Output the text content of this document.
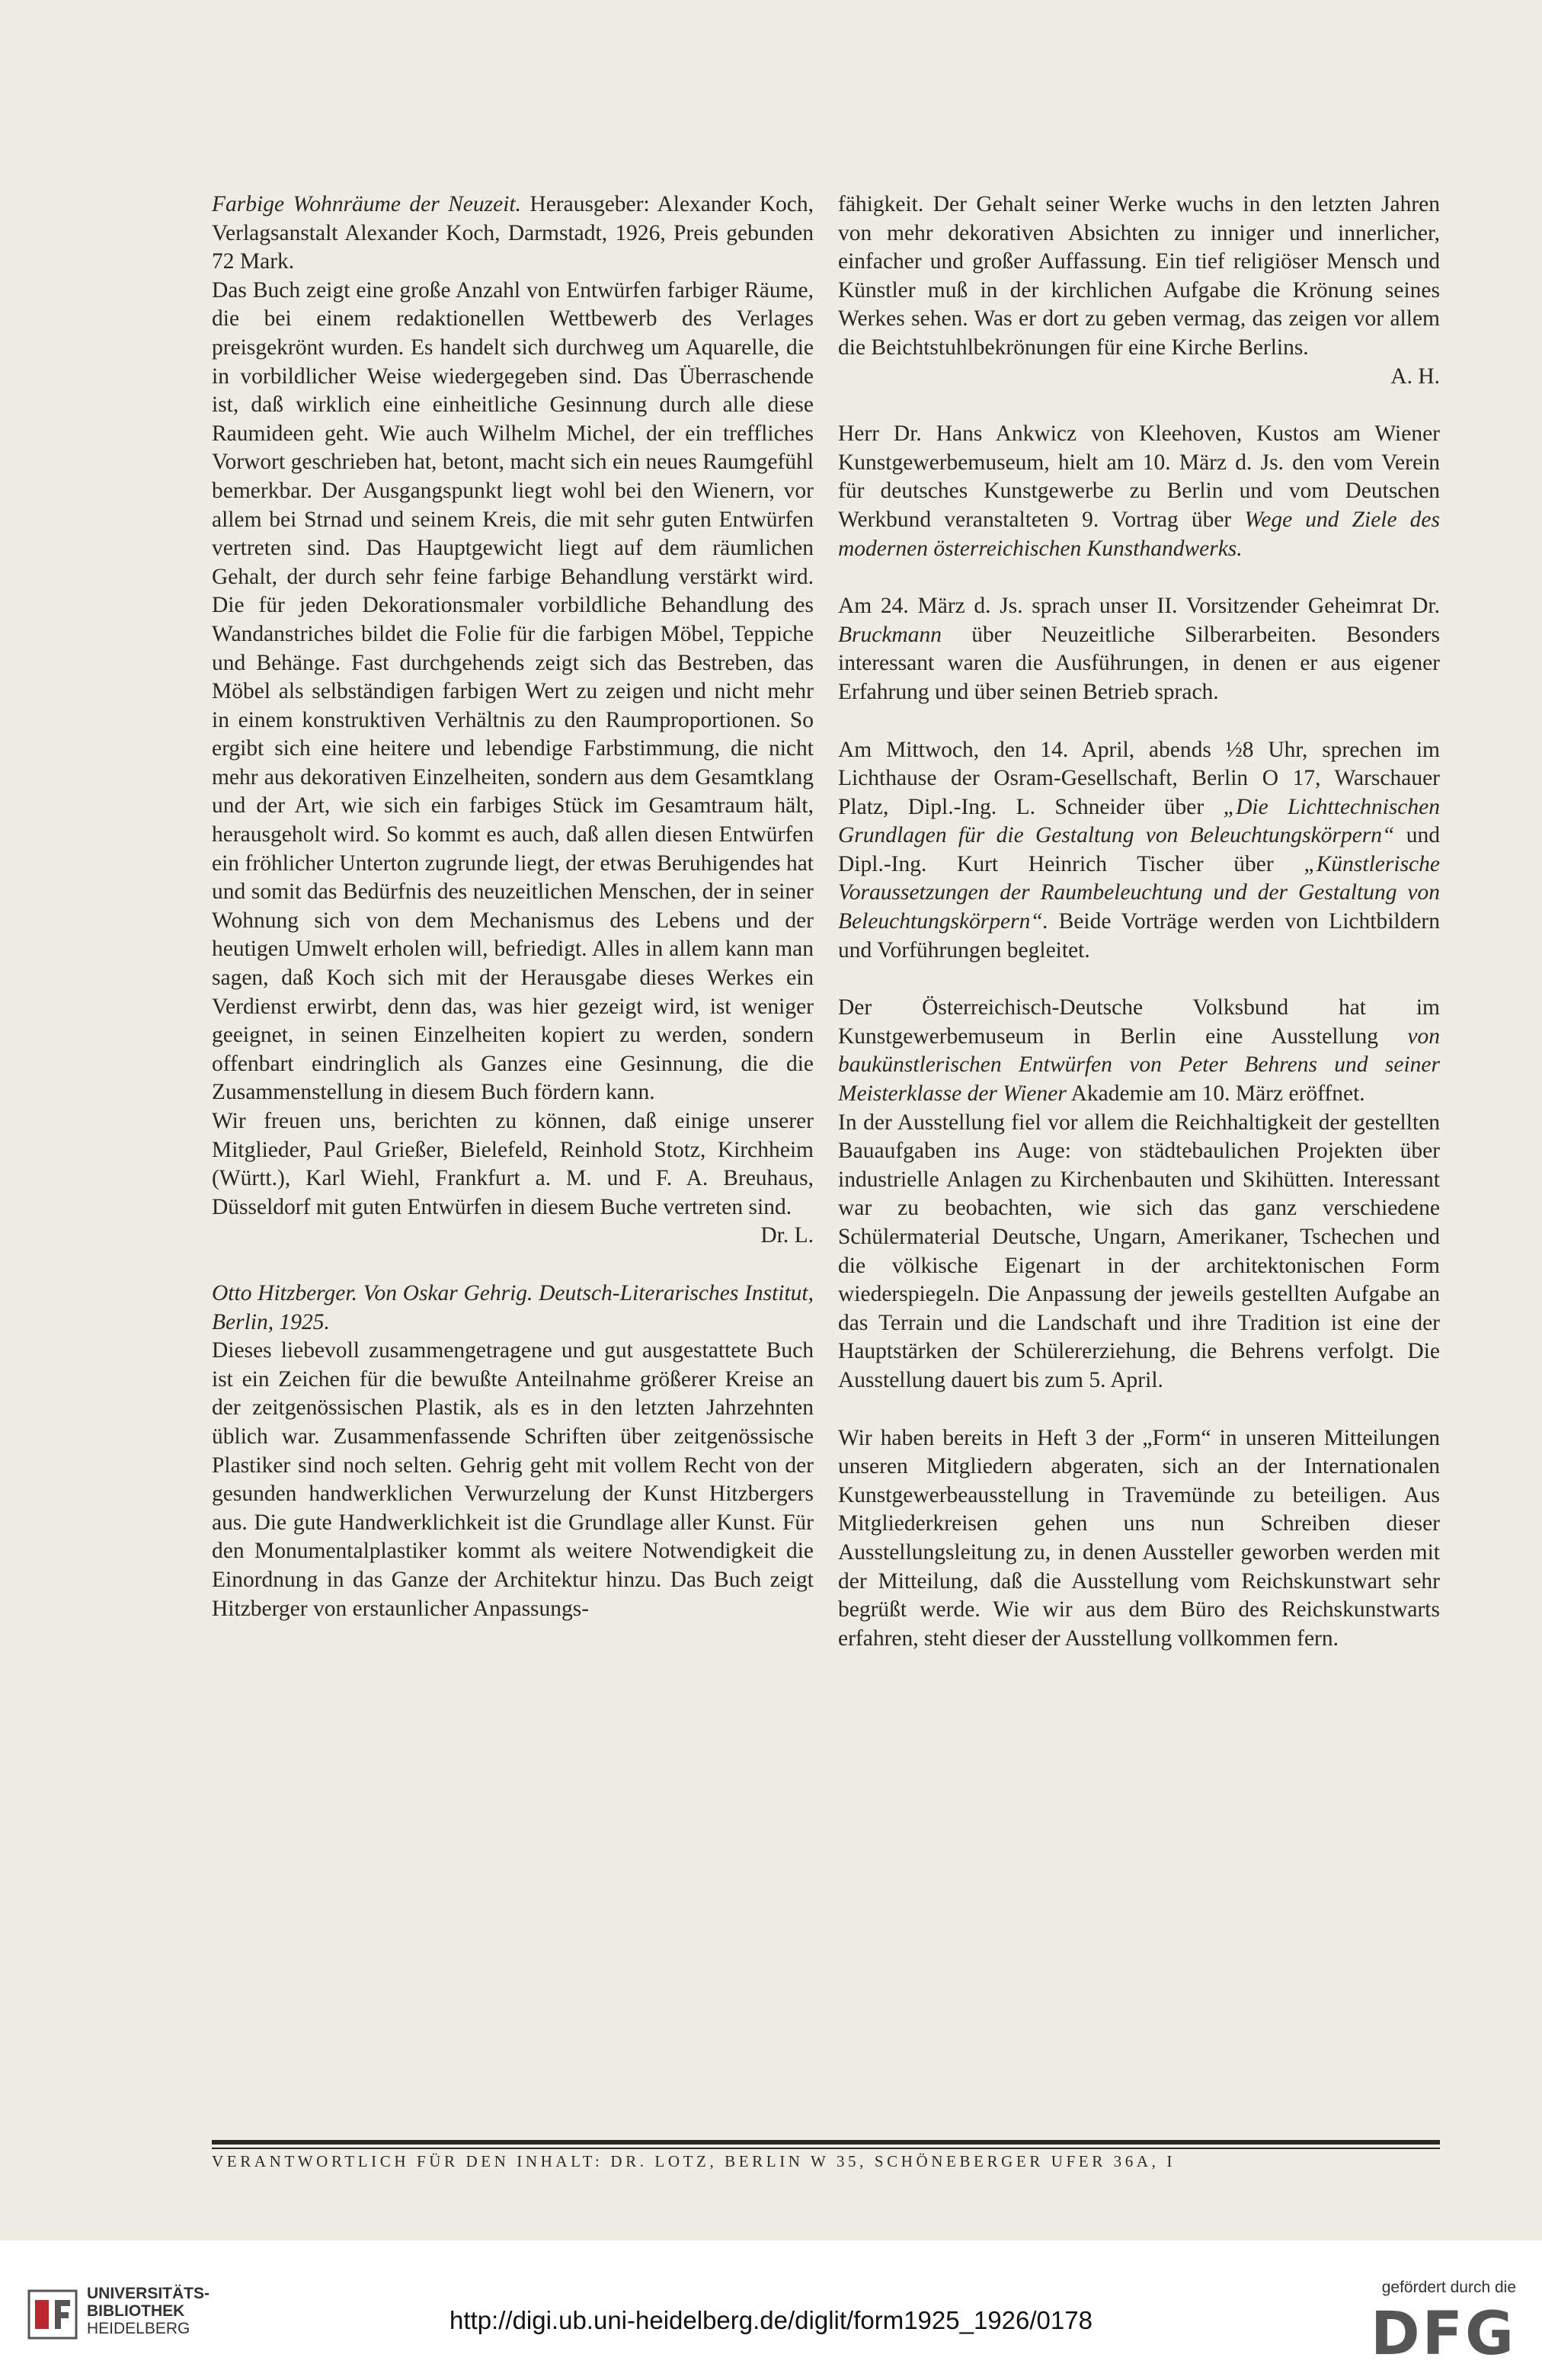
Farbige Wohnräume der Neuzeit. Herausgeber: Alexander Koch, Verlagsanstalt Alexander Koch, Darmstadt, 1926, Preis gebunden 72 Mark.

Das Buch zeigt eine große Anzahl von Entwürfen farbiger Räume, die bei einem redaktionellen Wettbewerb des Verlages preisgekrönt wurden. Es handelt sich durchweg um Aquarelle, die in vorbildlicher Weise wiedergegeben sind. Das Überraschende ist, daß wirklich eine einheitliche Gesinnung durch alle diese Raumideen geht. Wie auch Wilhelm Michel, der ein treffliches Vorwort geschrieben hat, betont, macht sich ein neues Raumgefühl bemerkbar. Der Ausgangspunkt liegt wohl bei den Wienern, vor allem bei Strnad und seinem Kreis, die mit sehr guten Entwürfen vertreten sind. Das Hauptgewicht liegt auf dem räumlichen Gehalt, der durch sehr feine farbige Behandlung verstärkt wird. Die für jeden Dekorationsmaler vorbildliche Behandlung des Wandanstriches bildet die Folie für die farbigen Möbel, Teppiche und Behänge. Fast durchgehends zeigt sich das Bestreben, das Möbel als selbständigen farbigen Wert zu zeigen und nicht mehr in einem konstruktiven Verhältnis zu den Raumproportionen. So ergibt sich eine heitere und lebendige Farbstimmung, die nicht mehr aus dekorativen Einzelheiten, sondern aus dem Gesamtklang und der Art, wie sich ein farbiges Stück im Gesamtraum hält, herausgeholt wird. So kommt es auch, daß allen diesen Entwürfen ein fröhlicher Unterton zugrunde liegt, der etwas Beruhigendes hat und somit das Bedürfnis des neuzeitlichen Menschen, der in seiner Wohnung sich von dem Mechanismus des Lebens und der heutigen Umwelt erholen will, befriedigt. Alles in allem kann man sagen, daß Koch sich mit der Herausgabe dieses Werkes ein Verdienst erwirbt, denn das, was hier gezeigt wird, ist weniger geeignet, in seinen Einzelheiten kopiert zu werden, sondern offenbart eindringlich als Ganzes eine Gesinnung, die die Zusammenstellung in diesem Buch fördern kann.

Wir freuen uns, berichten zu können, daß einige unserer Mitglieder, Paul Grießer, Bielefeld, Reinhold Stotz, Kirchheim (Württ.), Karl Wiehl, Frankfurt a. M. und F. A. Breuhaus, Düsseldorf mit guten Entwürfen in diesem Buche vertreten sind.

Dr. L.

Otto Hitzberger. Von Oskar Gehrig. Deutsch-Literarisches Institut, Berlin, 1925.

Dieses liebevoll zusammengetragene und gut ausgestattete Buch ist ein Zeichen für die bewußte Anteilnahme größerer Kreise an der zeitgenössischen Plastik, als es in den letzten Jahrzehnten üblich war. Zusammenfassende Schriften über zeitgenössische Plastiker sind noch selten. Gehrig geht mit vollem Recht von der gesunden handwerklichen Verwurzelung der Kunst Hitzbergers aus. Die gute Handwerklichkeit ist die Grundlage aller Kunst. Für den Monumentalplastiker kommt als weitere Notwendigkeit die Einordnung in das Ganze der Architektur hinzu. Das Buch zeigt Hitzberger von erstaunlicher Anpassungs-

fähigkeit. Der Gehalt seiner Werke wuchs in den letzten Jahren von mehr dekorativen Absichten zu inniger und innerlicher, einfacher und großer Auffassung. Ein tief religiöser Mensch und Künstler muß in der kirchlichen Aufgabe die Krönung seines Werkes sehen. Was er dort zu geben vermag, das zeigen vor allem die Beichtstuhlbekrönungen für eine Kirche Berlins.

A. H.

Herr Dr. Hans Ankwicz von Kleehoven, Kustos am Wiener Kunstgewerbemuseum, hielt am 10. März d. Js. den vom Verein für deutsches Kunstgewerbe zu Berlin und vom Deutschen Werkbund veranstalteten 9. Vortrag über Wege und Ziele des modernen österreichischen Kunsthandwerks.

Am 24. März d. Js. sprach unser II. Vorsitzender Geheimrat Dr. Bruckmann über Neuzeitliche Silberarbeiten. Besonders interessant waren die Ausführungen, in denen er aus eigener Erfahrung und über seinen Betrieb sprach.

Am Mittwoch, den 14. April, abends ½8 Uhr, sprechen im Lichthause der Osram-Gesellschaft, Berlin O 17, Warschauer Platz, Dipl.-Ing. L. Schneider über „Die Lichttechnischen Grundlagen für die Gestaltung von Beleuchtungskörpern“ und Dipl.-Ing. Kurt Heinrich Tischer über „Künstlerische Voraussetzungen der Raumbeleuchtung und der Gestaltung von Beleuchtungskörpern“. Beide Vorträge werden von Lichtbildern und Vorführungen begleitet.

Der Österreichisch-Deutsche Volksbund hat im Kunstgewerbemuseum in Berlin eine Ausstellung von baukünstlerischen Entwürfen von Peter Behrens und seiner Meisterklasse der Wiener Akademie am 10. März eröffnet.

In der Ausstellung fiel vor allem die Reichhaltigkeit der gestellten Bauaufgaben ins Auge: von städtebaulichen Projekten über industrielle Anlagen zu Kirchenbauten und Skihütten. Interessant war zu beobachten, wie sich das ganz verschiedene Schülermaterial Deutsche, Ungarn, Amerikaner, Tschechen und die völkische Eigenart in der architektonischen Form wiederspiegeln. Die Anpassung der jeweils gestellten Aufgabe an das Terrain und die Landschaft und ihre Tradition ist eine der Hauptstärken der Schülererziehung, die Behrens verfolgt. Die Ausstellung dauert bis zum 5. April.

Wir haben bereits in Heft 3 der „Form“ in unseren Mitteilungen unseren Mitgliedern abgeraten, sich an der Internationalen Kunstgewerbeausstellung in Travemünde zu beteiligen. Aus Mitgliederkreisen gehen uns nun Schreiben dieser Ausstellungsleitung zu, in denen Aussteller geworben werden mit der Mitteilung, daß die Ausstellung vom Reichskunstwart sehr begrüßt werde. Wie wir aus dem Büro des Reichskunstwarts erfahren, steht dieser der Ausstellung vollkommen fern.

VERANTWORTLICH FÜR DEN INHALT: DR. LOTZ, BERLIN W 35, SCHÖNEBERGER UFER 36A, I
UNIVERSITÄTS-
BIBLIOTHEK
HEIDELBERG	http://digi.ub.uni-heidelberg.de/diglit/form1925_1926/0178
gefördert durch die
DFG
